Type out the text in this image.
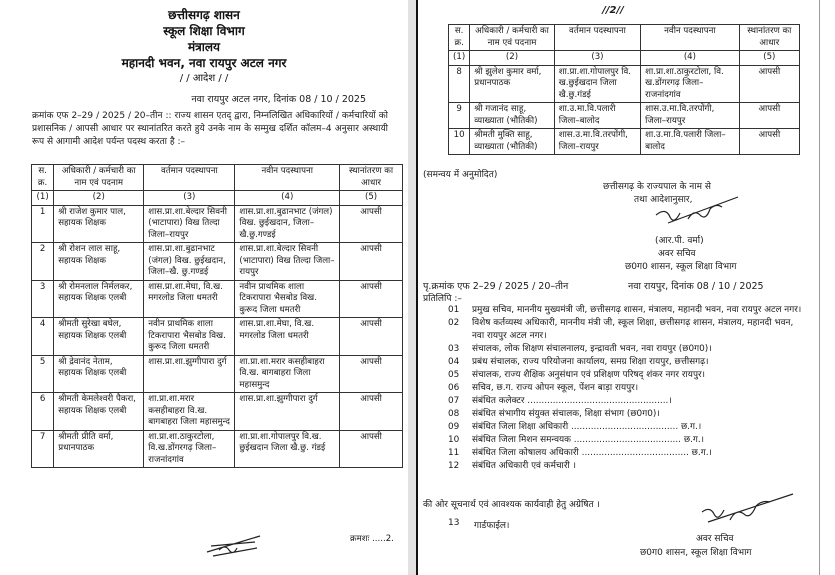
छत्तीसगढ़ शासन
स्कूल शिक्षा विभाग
मंत्रालय
महानदी भवन, नवा रायपुर अटल नगर
/ / आदेश / /
नवा रायपुर अटल नगर, दिनांक 08 / 10 / 2025
क्रमांक एफ 2–29 / 2025 / 20–तीन :: राज्य शासन एतद् द्वारा, निम्नलिखित अधिकारियों / कर्मचारियों को प्रशासनिक / आपसी आधार पर स्थानांतरित करते हुये उनके नाम के सम्मुख दर्शित कॉलम–4 अनुसार अस्थायी रूप से आगामी आदेश पर्यन्त पदस्थ करता है :–
स. क्र.	अधिकारी / कर्मचारी का नाम एवं पदनाम	वर्तमान पदस्थापना	नवीन पदस्थापना	स्थानांतरण का आधार
(1)	(2)	(3)	(4)	(5)
1	श्री राजेश कुमार पाल, सहायक शिक्षक	शास.प्रा.शा.बेल्दार सिवनी (भाटापारा) विख तिल्दा जिला–रायपुर	शास.प्रा.शा.बुढानभाट (जंगल) विख. छुईखदान, जिला–खै.छु.गण्डई	आपसी
2	श्री रोशन लाल साहू, सहायक शिक्षक	शास.प्रा.शा.बुढानभाट (जंगल) विख. छुईखदान, जिला–खै. छु.गण्डई	शास.प्रा.शा.बेल्दार सिवनी (भाटापारा) विख तिल्दा जिला–रायपुर	आपसी
3	श्री रोमनलाल निर्मलकर, सहायक शिक्षक एलबी	शास.प्रा.शा.मेघा, वि.ख. मगरलोड जिला धमतरी	नवीन प्राथमिक शाला टिकरापारा भैसबोड विख. कुरूद जिला धमतरी	आपसी
4	श्रीमती सुरेखा बघेल, सहायक शिक्षक एलबी	नवीन प्राथमिक शाला टिकरापारा भैसबोड विख. कुरूद जिला धमतरी	शास.प्रा.शा.मेघा, वि.ख. मगरलोड जिला धमतरी	आपसी
5	श्री द्रेवानंद नेताम, सहायक शिक्षक एलबी	शास.प्रा.शा.झुग्गीपारा दुर्ग	शा.प्रा.शा.मरार कसहीबाहरा वि.ख. बागबाहरा जिला महासमुन्द	आपसी
6	श्रीमती केमलेश्वरी पैकरा, सहायक शिक्षक एलबी	शा.प्रा.शा.मरार कसहीबाहरा वि.ख. बागबाहरा जिला महासमुन्द	शास.प्रा.शा.झुग्गीपारा दुर्ग	आपसी
7	श्रीमती प्रीति वर्मा, प्रधानपाठक	शा.प्रा.शा.ठाकुरटोला, वि.ख.डोंगरगढ़ जिला–राजनांदगांव	शा.प्रा.शा.गोपालपुर वि.ख. छुईखदान जिला खै.छु. गंडई	आपसी
क्रमशः .....2.
//2//
स. क्र.	अधिकारी / कर्मचारी का नाम एवं पदनाम	वर्तमान पदस्थापना	नवीन पदस्थापना	स्थानांतरण का आधार
(1)	(2)	(3)	(4)	(5)
8	श्री झुलेश कुमार वर्मा, प्रधानपाठक	शा.प्रा.शा.गोपालपुर वि. ख.छुईखदान जिला खै.छु.गंडई	शा.प्रा.शा.ठाकुरटोला, वि. ख.डोंगरगढ़ जिला–राजनांदगांव	आपसी
9	श्री गजानंद साहू, व्याख्याता (भौतिकी)	शा.उ.मा.वि.पलारी जिला–बालोद	शास.उ.मा.वि.तरपोंगी, जिला–रायपुर	आपसी
10	श्रीमती मुक्ति साहू, व्याख्याता (भौतिकी)	शास.उ.मा.वि.तरपोंगी, जिला–रायपुर	शा.उ.मा.वि.पलारी जिला–बालोद	आपसी
(समन्वय में अनुमोदित)
छत्तीसगढ़ के राज्यपाल के नाम से
तथा आदेशानुसार,
(आर.पी. वर्मा)
अवर सचिव
छ0ग0 शासन, स्कूल शिक्षा विभाग
पृ.क्रमांक एफ 2–29 / 2025 / 20–तीन	नवा रायपुर, दिनांक 08 / 10 / 2025
प्रतिलिपि :–
01 प्रमुख सचिव, माननीय मुख्यमंत्री जी, छत्तीसगढ़ शासन, मंत्रालय, महानदी भवन, नवा रायपुर अटल नगर।
02 विशेष कर्तव्यस्थ अधिकारी, माननीय मंत्री जी, स्कूल शिक्षा, छत्तीसगढ़ शासन, मंत्रालय, महानदी भवन, नवा रायपुर अटल नगर।
03 संचालक, लोक शिक्षण संचालनालय, इन्द्रावती भवन, नवा रायपुर (छ0ग0)।
04 प्रबंध संचालक, राज्य परियोजना कार्यालय, समग्र शिक्षा रायपुर, छत्तीसगढ़।
05 संचालक, राज्य शैक्षिक अनुसंधान एवं प्रशिक्षण परिषद् शंकर नगर रायपुर।
06 सचिव, छ.ग. राज्य ओपन स्कूल, पेंशन बाड़ा रायपुर।
07 संबंधित कलेक्टर ..................................................।
08 संबंधित संभागीय संयुक्त संचालक, शिक्षा संभाग (छ0ग0)।
09 संबंधित जिला शिक्षा अधिकारी ...................................... छ.ग.।
10 संबंधित जिला मिशन समन्वयक ...................................... छ.ग.।
11 संबंधित जिला कोषालय अधिकारी ...................................... छ.ग.।
12 संबंधित अधिकारी एवं कर्मचारी ।
की ओर सूचनार्थ एवं आवश्यक कार्यवाही हेतु अग्रेषित ।
13 गार्डफाईल।
अवर सचिव
छ0ग0 शासन, स्कूल शिक्षा विभाग
